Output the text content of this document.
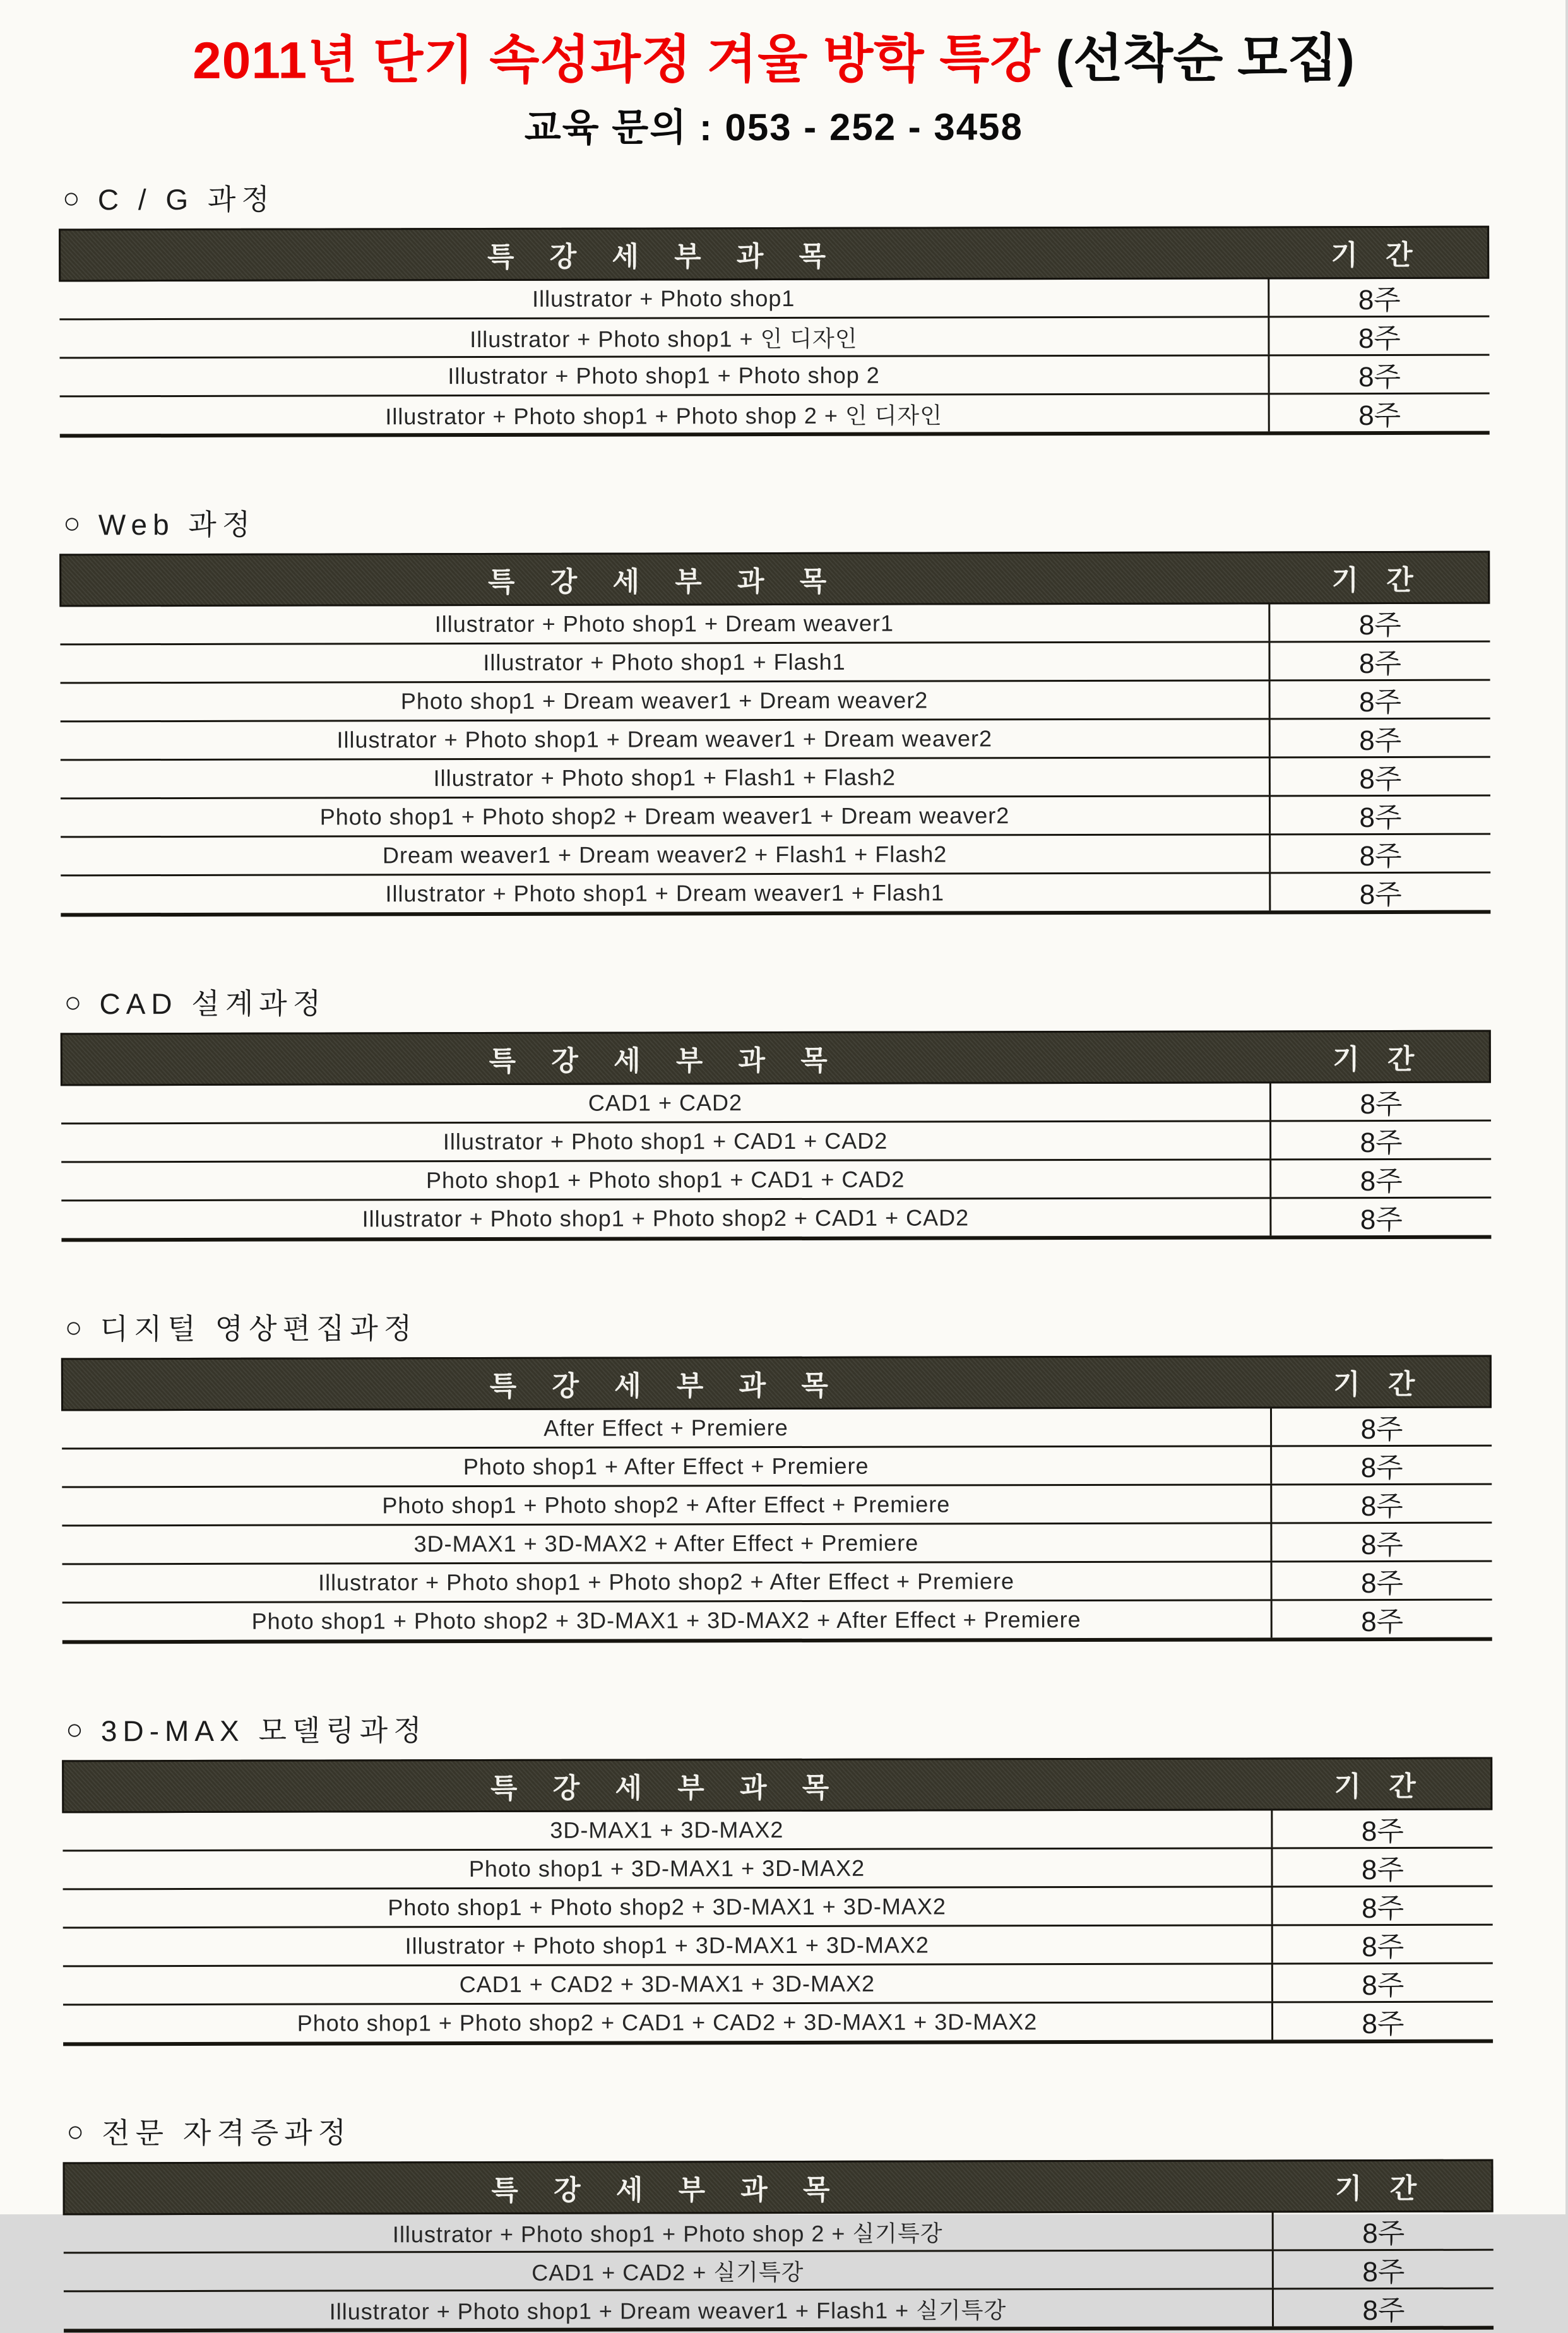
2011년 단기 속성과정 겨울 방학 특강 (선착순 모집)
교육 문의 : 053 - 252 - 3458
○ C / G 과정
특 강 세 부 과 목	기 간
Illustrator + Photo shop1	8주
Illustrator + Photo shop1 + 인 디자인	8주
Illustrator + Photo shop1 + Photo shop 2	8주
Illustrator + Photo shop1 + Photo shop 2 + 인 디자인	8주
○ Web 과정
특 강 세 부 과 목	기 간
Illustrator + Photo shop1 + Dream weaver1	8주
Illustrator + Photo shop1 + Flash1	8주
Photo shop1 + Dream weaver1 + Dream weaver2	8주
Illustrator + Photo shop1 + Dream weaver1 + Dream weaver2	8주
Illustrator + Photo shop1 + Flash1 + Flash2	8주
Photo shop1 + Photo shop2 + Dream weaver1 + Dream weaver2	8주
Dream weaver1 + Dream weaver2 + Flash1 + Flash2	8주
Illustrator + Photo shop1 + Dream weaver1 + Flash1	8주
○ CAD 설계과정
특 강 세 부 과 목	기 간
CAD1 + CAD2	8주
Illustrator + Photo shop1 + CAD1 + CAD2	8주
Photo shop1 + Photo shop1 + CAD1 + CAD2	8주
Illustrator + Photo shop1 + Photo shop2 + CAD1 + CAD2	8주
○ 디지털 영상편집과정
특 강 세 부 과 목	기 간
After Effect + Premiere	8주
Photo shop1 + After Effect + Premiere	8주
Photo shop1 + Photo shop2 + After Effect + Premiere	8주
3D-MAX1 + 3D-MAX2 + After Effect + Premiere	8주
Illustrator + Photo shop1 + Photo shop2 + After Effect + Premiere	8주
Photo shop1 + Photo shop2 + 3D-MAX1 + 3D-MAX2 + After Effect + Premiere	8주
○ 3D-MAX 모델링과정
특 강 세 부 과 목	기 간
3D-MAX1 + 3D-MAX2	8주
Photo shop1 + 3D-MAX1 + 3D-MAX2	8주
Photo shop1 + Photo shop2 + 3D-MAX1 + 3D-MAX2	8주
Illustrator + Photo shop1 + 3D-MAX1 + 3D-MAX2	8주
CAD1 + CAD2 + 3D-MAX1 + 3D-MAX2	8주
Photo shop1 + Photo shop2 + CAD1 + CAD2 + 3D-MAX1 + 3D-MAX2	8주
○ 전문 자격증과정
특 강 세 부 과 목	기 간
Illustrator + Photo shop1 + Photo shop 2 + 실기특강	8주
CAD1 + CAD2 + 실기특강	8주
Illustrator + Photo shop1 + Dream weaver1 + Flash1 + 실기특강	8주
